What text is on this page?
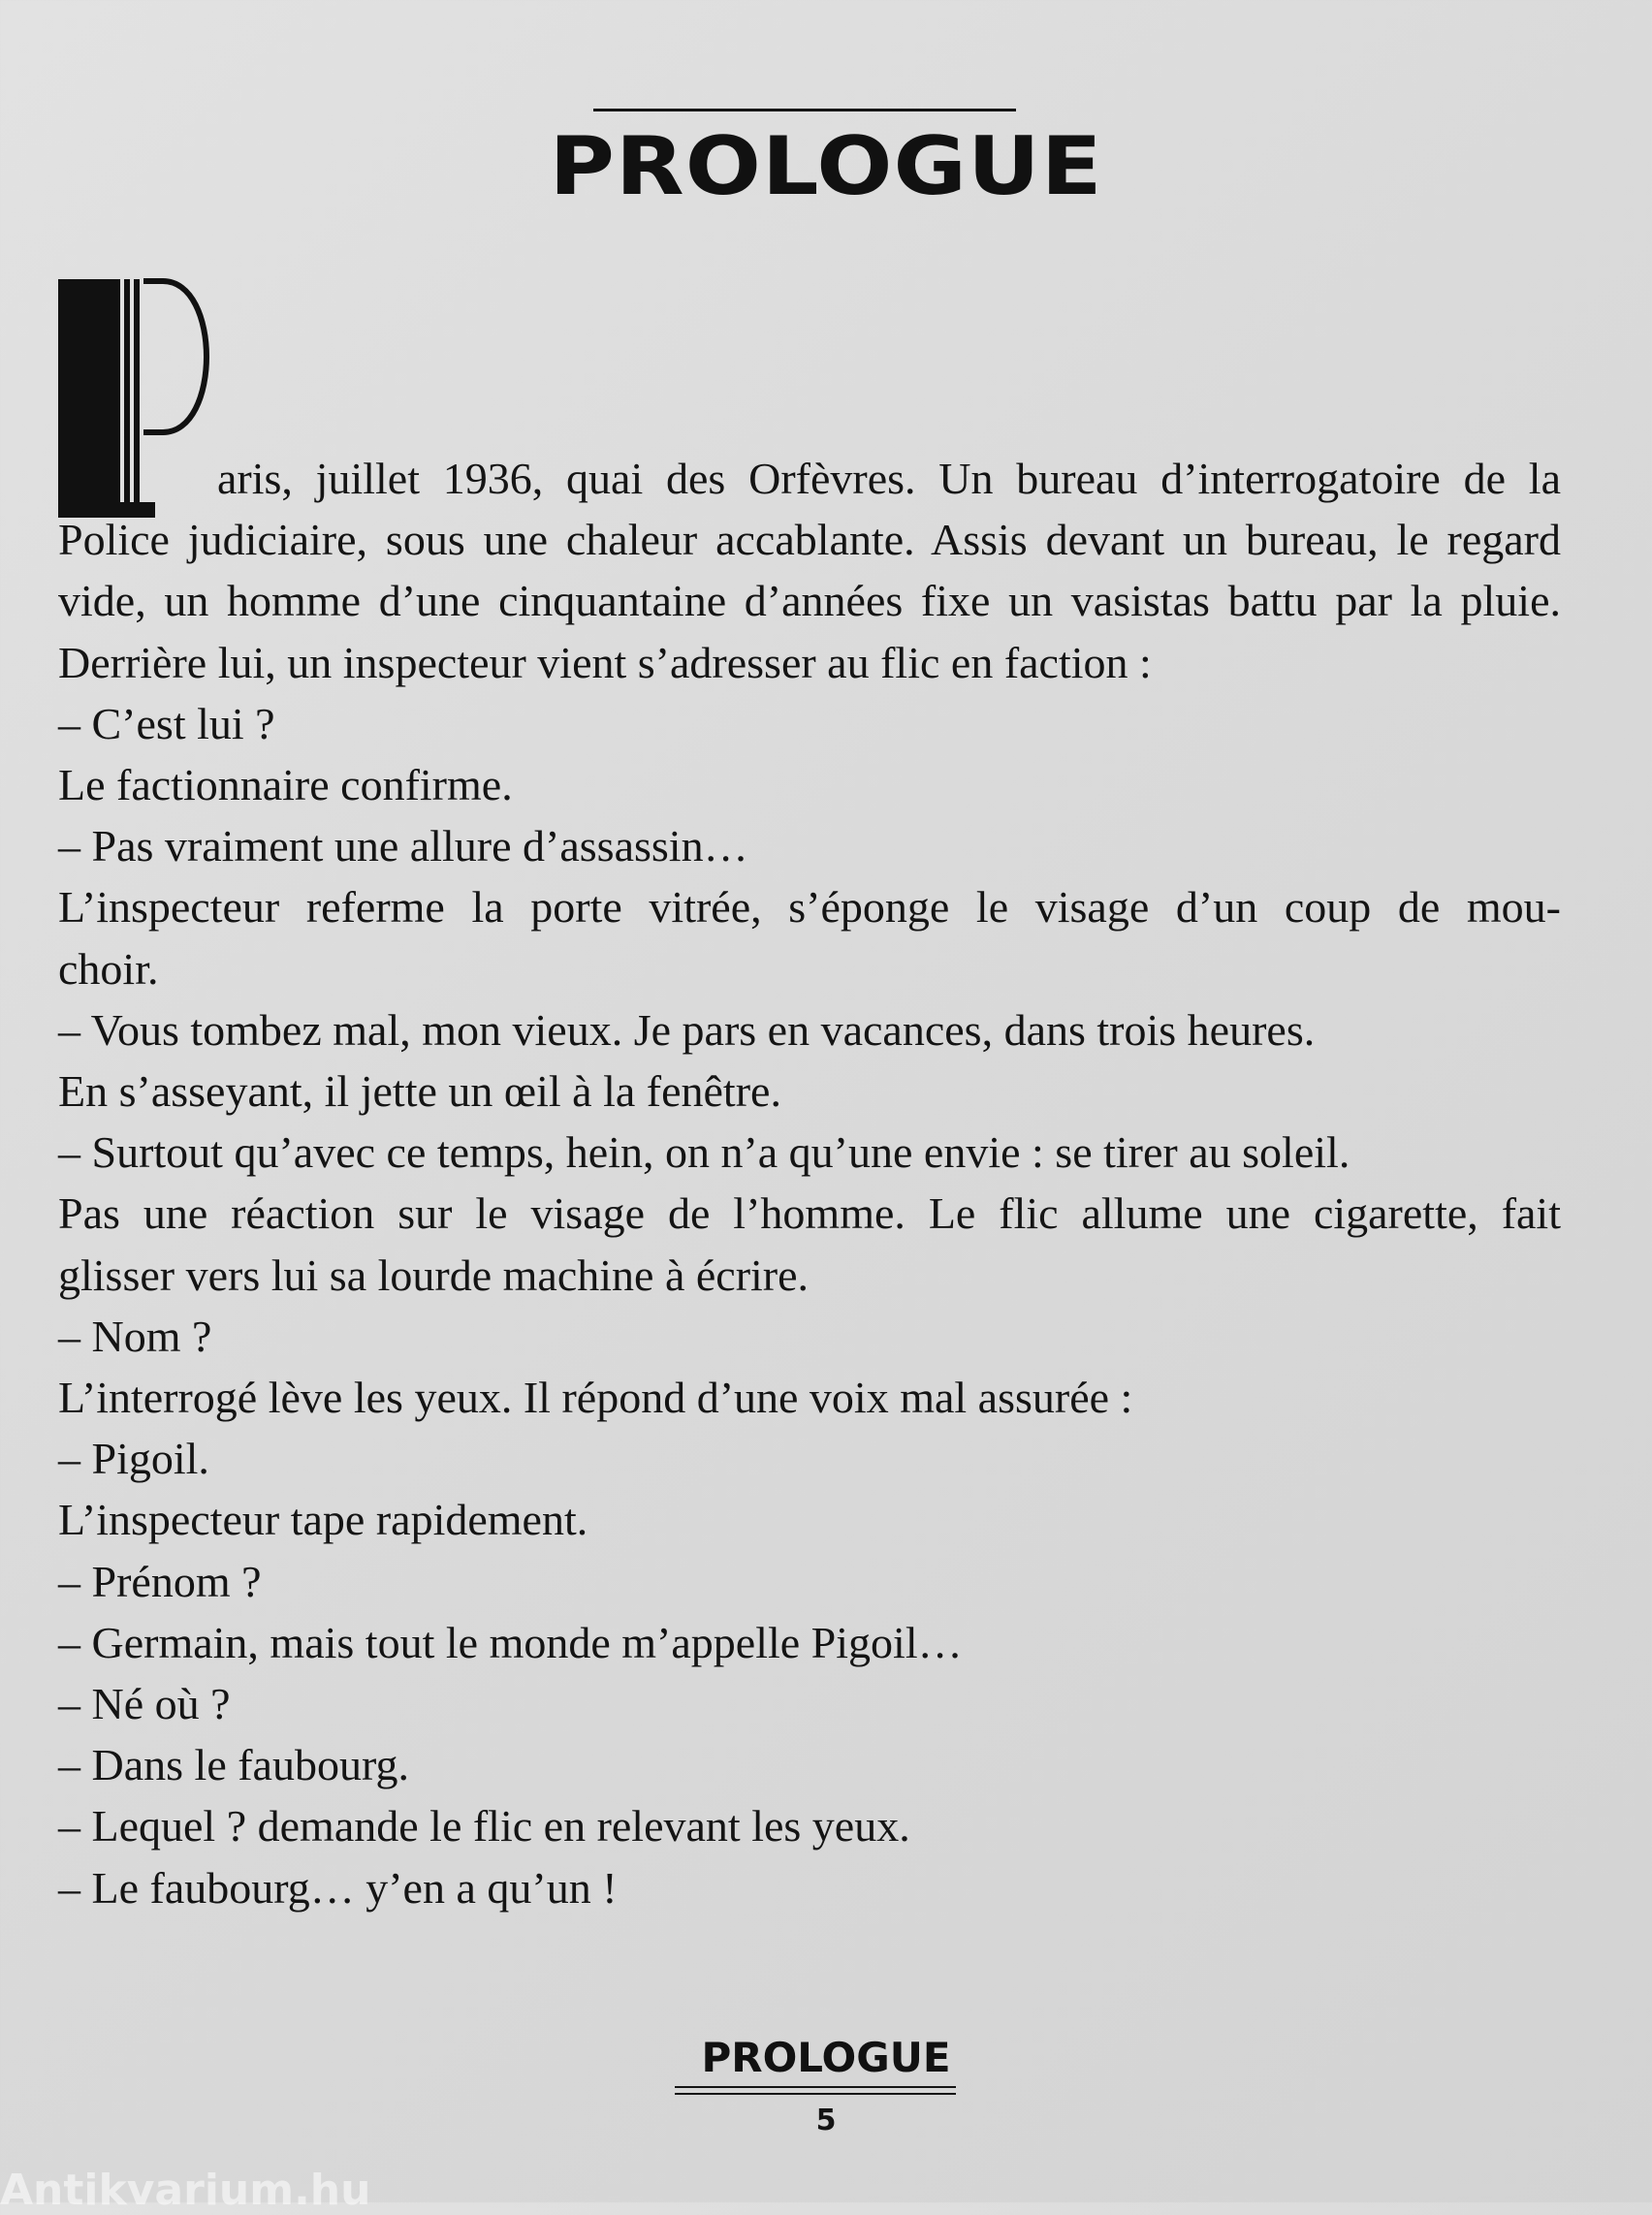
PROLOGUE

aris, juillet 1936, quai des Orfèvres. Un bureau d’interrogatoire de la
Police judiciaire, sous une chaleur accablante. Assis devant un bureau, le regard vide, un homme d’une cinquantaine d’années fixe un vasistas battu par la pluie. Derrière lui, un inspecteur vient s’adresser au flic en faction :

– C’est lui ?

Le factionnaire confirme.

– Pas vraiment une allure d’assassin…

L’inspecteur referme la porte vitrée, s’éponge le visage d’un coup de mou-
choir.

– Vous tombez mal, mon vieux. Je pars en vacances, dans trois heures.

En s’asseyant, il jette un œil à la fenêtre.

– Surtout qu’avec ce temps, hein, on n’a qu’une envie : se tirer au soleil.

Pas une réaction sur le visage de l’homme. Le flic allume une cigarette, fait
glisser vers lui sa lourde machine à écrire.

– Nom ?

L’interrogé lève les yeux. Il répond d’une voix mal assurée :

– Pigoil.

L’inspecteur tape rapidement.

– Prénom ?

– Germain, mais tout le monde m’appelle Pigoil…

– Né où ?

– Dans le faubourg.

– Lequel ? demande le flic en relevant les yeux.

– Le faubourg… y’en a qu’un !

PROLOGUE
5
Antikvarium.hu
